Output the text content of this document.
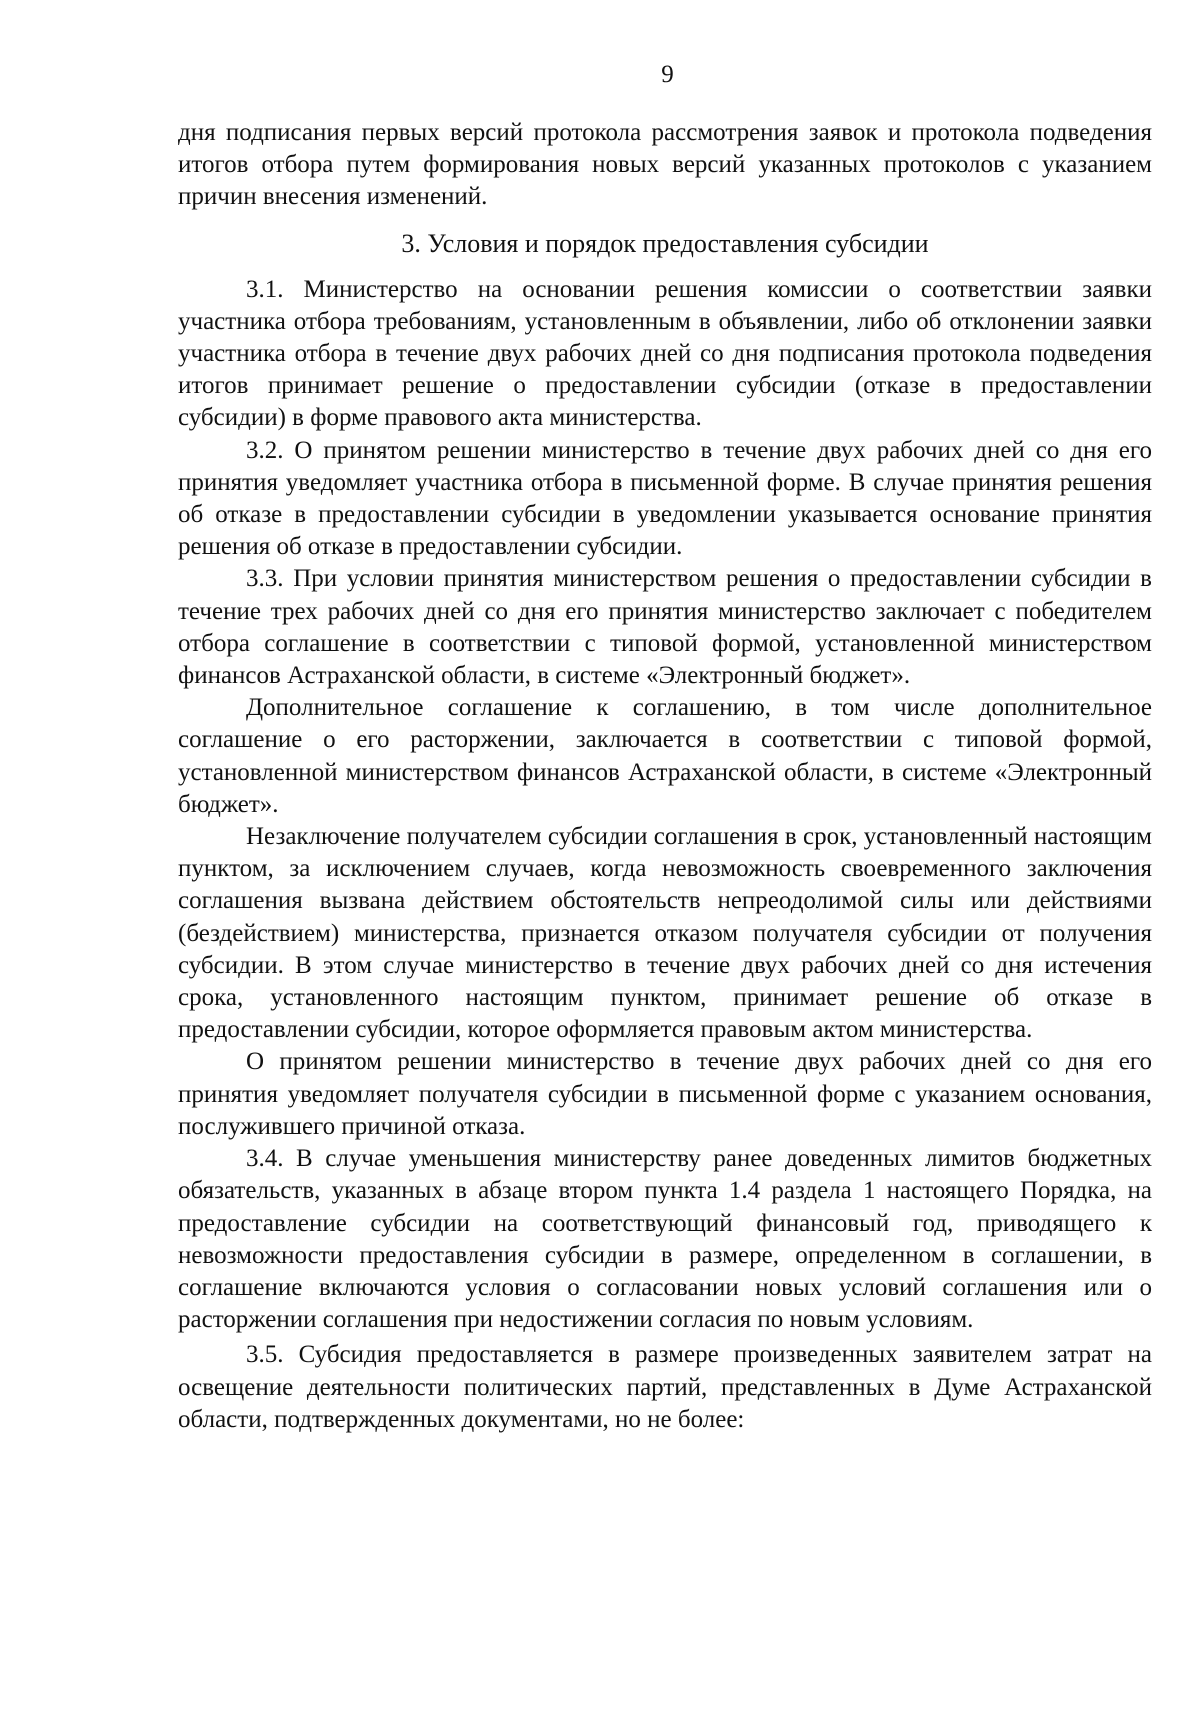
9

дня подписания первых версий протокола рассмотрения заявок и протокола подведения итогов отбора путем формирования новых версий указанных протоколов с указанием причин внесения изменений.

3. Условия и порядок предоставления субсидии

3.1. Министерство на основании решения комиссии о соответствии заявки участника отбора требованиям, установленным в объявлении, либо об отклонении заявки участника отбора в течение двух рабочих дней со дня подписания протокола подведения итогов принимает решение о предоставлении субсидии (отказе в предоставлении субсидии) в форме правового акта министерства.

3.2. О принятом решении министерство в течение двух рабочих дней со дня его принятия уведомляет участника отбора в письменной форме. В случае принятия решения об отказе в предоставлении субсидии в уведомлении указывается основание принятия решения об отказе в предоставлении субсидии.

3.3. При условии принятия министерством решения о предоставлении субсидии в течение трех рабочих дней со дня его принятия министерство заключает с победителем отбора соглашение в соответствии с типовой формой, установленной министерством финансов Астраханской области, в системе «Электронный бюджет».

Дополнительное соглашение к соглашению, в том числе дополнительное соглашение о его расторжении, заключается в соответствии с типовой формой, установленной министерством финансов Астраханской области, в системе «Электронный бюджет».

Незаключение получателем субсидии соглашения в срок, установленный настоящим пунктом, за исключением случаев, когда невозможность своевременного заключения соглашения вызвана действием обстоятельств непреодолимой силы или действиями (бездействием) министерства, признается отказом получателя субсидии от получения субсидии. В этом случае министерство в течение двух рабочих дней со дня истечения срока, установленного настоящим пунктом, принимает решение об отказе в предоставлении субсидии, которое оформляется правовым актом министерства.

О принятом решении министерство в течение двух рабочих дней со дня его принятия уведомляет получателя субсидии в письменной форме с указанием основания, послужившего причиной отказа.

3.4. В случае уменьшения министерству ранее доведенных лимитов бюджетных обязательств, указанных в абзаце втором пункта 1.4 раздела 1 настоящего Порядка, на предоставление субсидии на соответствующий финансовый год, приводящего к невозможности предоставления субсидии в размере, определенном в соглашении, в соглашение включаются условия о согласовании новых условий соглашения или о расторжении соглашения при недостижении согласия по новым условиям.

3.5. Субсидия предоставляется в размере произведенных заявителем затрат на освещение деятельности политических партий, представленных в Думе Астраханской области, подтвержденных документами, но не более:
